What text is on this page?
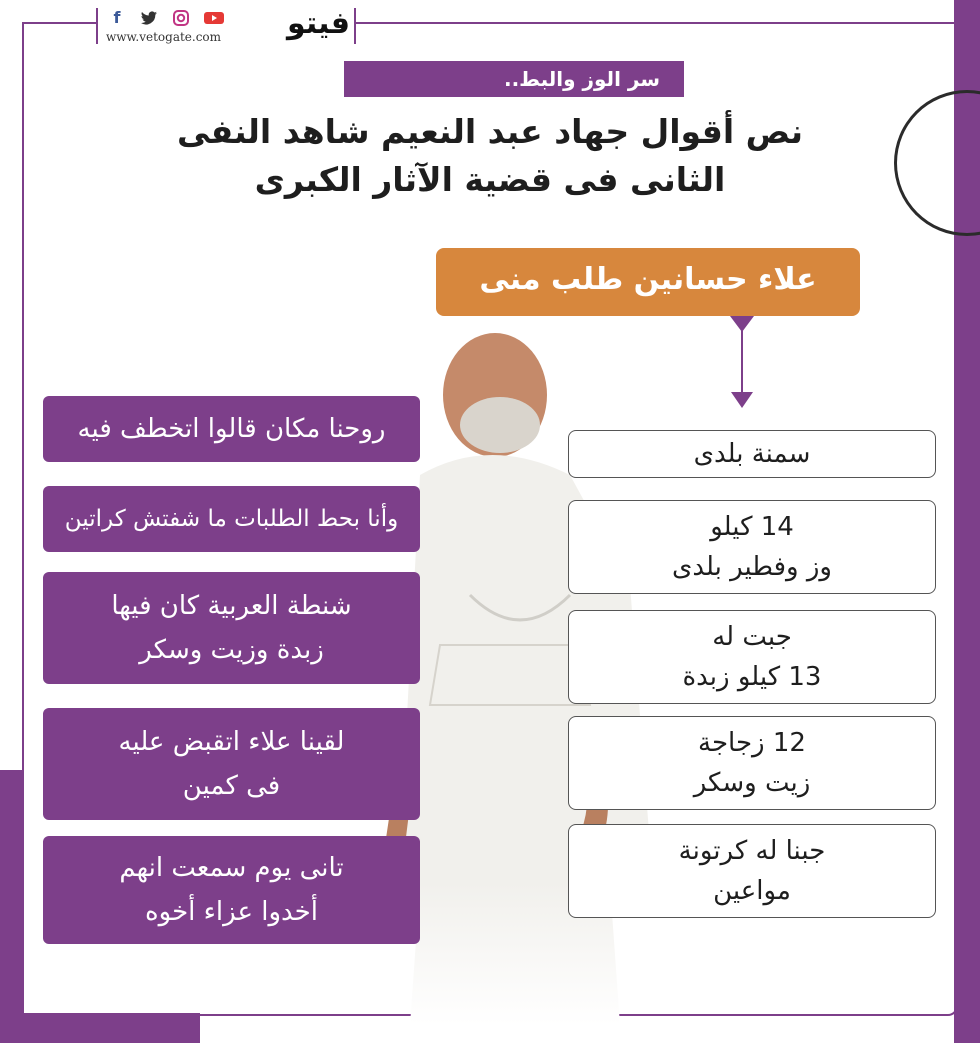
f
www.vetogate.com فيتو
سر الوز والبط..
نص أقوال جهاد عبد النعيم شاهد النفى
الثانى فى قضية الآثار الكبرى
علاء حسانين طلب منى
روحنا مكان قالوا اتخطف فيه
وأنا بحط الطلبات ما شفتش كراتين
شنطة العربية كان فيها
زبدة وزيت وسكر
لقينا علاء اتقبض عليه
فى كمين
تانى يوم سمعت انهم
أخدوا عزاء أخوه
سمنة بلدى
14 كيلو
وز وفطير بلدى
جبت له
13 كيلو زبدة
12 زجاجة
زيت وسكر
جبنا له كرتونة
مواعين
